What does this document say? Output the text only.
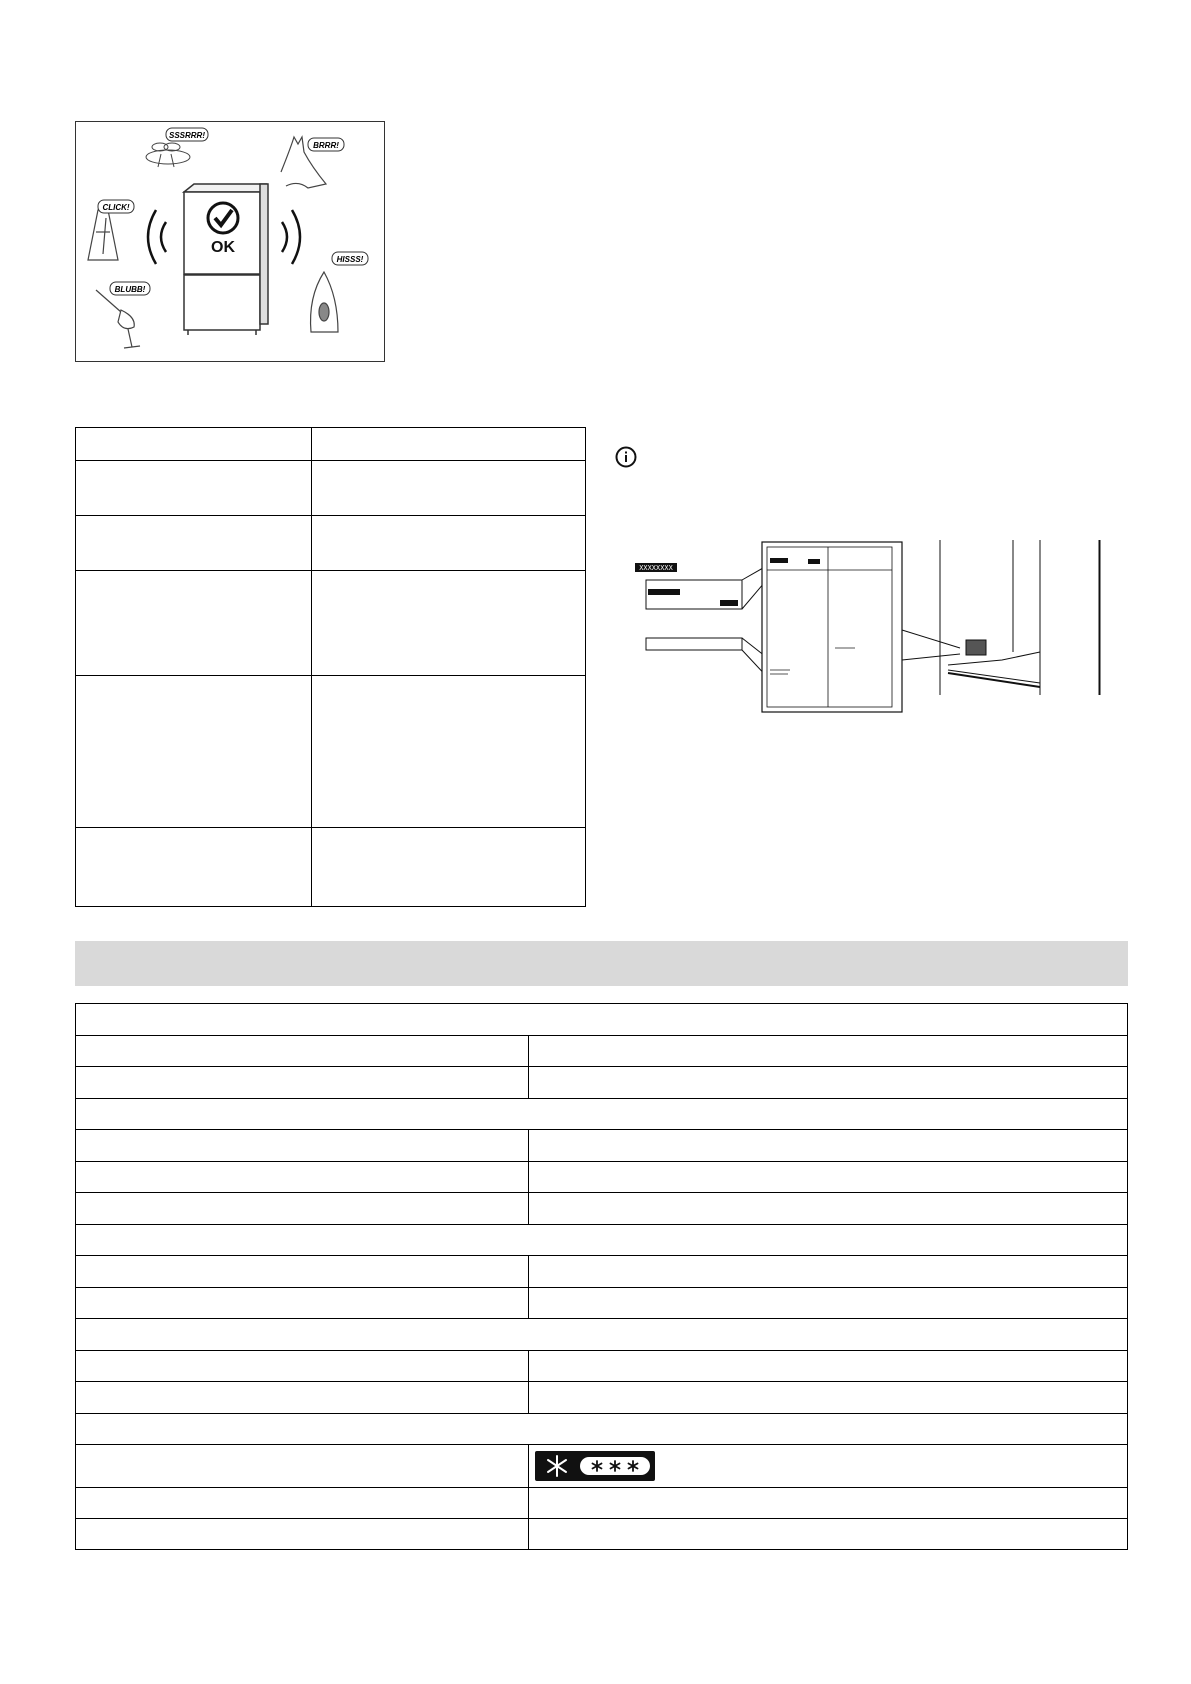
OK
SSSRRR!
BRRR!
CLICK!
HISSS!
BLUBB!
XXXXXXXX
